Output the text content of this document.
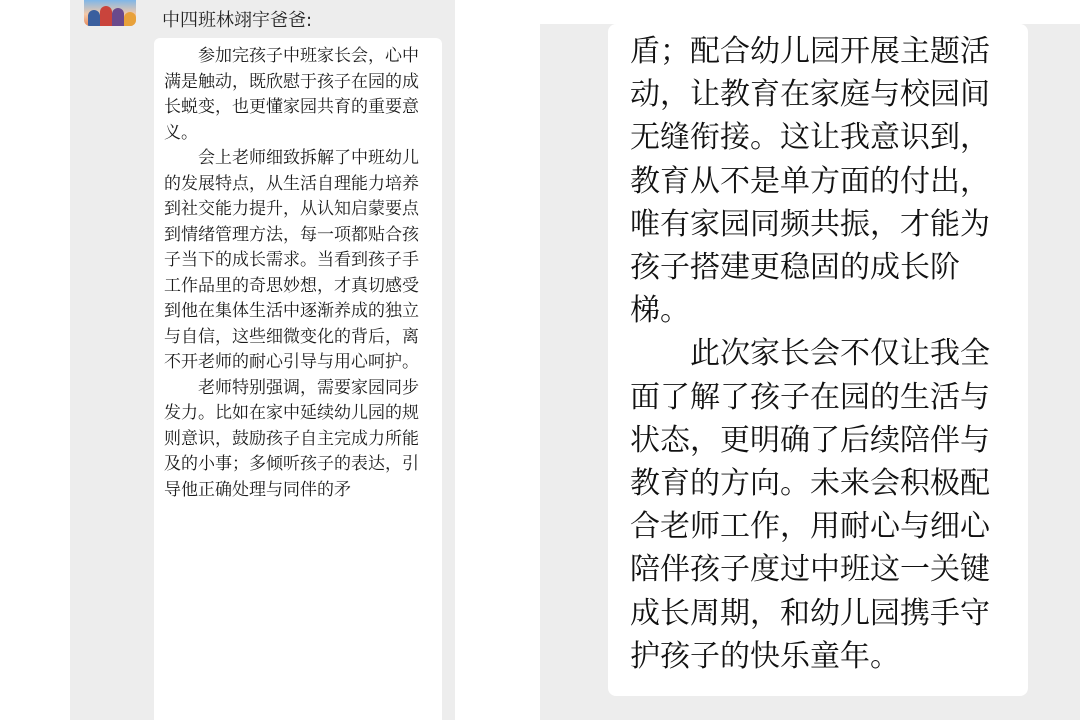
中四班林翊宇爸爸:

参加完孩子中班家长会，心中满是触动，既欣慰于孩子在园的成长蜕变，也更懂家园共育的重要意义。

会上老师细致拆解了中班幼儿的发展特点，从生活自理能力培养到社交能力提升，从认知启蒙要点到情绪管理方法，每一项都贴合孩子当下的成长需求。当看到孩子手工作品里的奇思妙想，才真切感受到他在集体生活中逐渐养成的独立与自信，这些细微变化的背后，离不开老师的耐心引导与用心呵护。

老师特别强调，需要家园同步发力。比如在家中延续幼儿园的规则意识，鼓励孩子自主完成力所能及的小事；多倾听孩子的表达，引导他正确处理与同伴的矛

盾；配合幼儿园开展主题活动，让教育在家庭与校园间无缝衔接。这让我意识到，教育从不是单方面的付出，唯有家园同频共振，才能为孩子搭建更稳固的成长阶梯。

此次家长会不仅让我全面了解了孩子在园的生活与状态，更明确了后续陪伴与教育的方向。未来会积极配合老师工作，用耐心与细心陪伴孩子度过中班这一关键成长周期，和幼儿园携手守护孩子的快乐童年。
